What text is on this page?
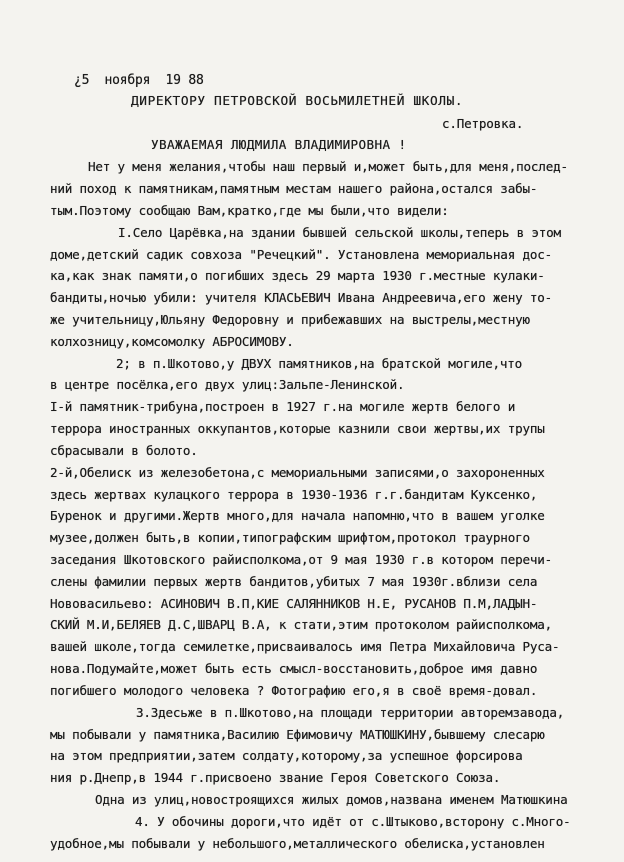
¿5  ноября  19 88
ДИРЕКТОРУ ПЕТРОВСКОЙ ВОСЬМИЛЕТНЕЙ ШКОЛЫ.
с.Петровка.
УВАЖАЕМАЯ ЛЮДМИЛА ВЛАДИМИРОВНА !
Нет у меня желания,чтобы наш первый и,может быть,для меня,послед-
ний поход к памятникам,памятным местам нашего района,остался забы-
тым.Поэтому сообщаю Вам,кратко,где мы были,что видели:
I.Село Царёвка,на здании бывшей сельской школы,теперь в этом
доме,детский садик совхоза "Речецкий". Установлена мемориальная дос-
ка,как знак памяти,о погибших здесь 29 марта 1930 г.местные кулаки-
бандиты,ночью убили: учителя КЛАСЬЕВИЧ Ивана Андреевича,его жену то-
же учительницу,Юльяну Федоровну и прибежавших на выстрелы,местную
колхозницу,комсомолку АБРОСИМОВУ.
2; в п.Шкотово,у ДВУХ памятников,на братской могиле,что
в центре посёлка,его двух улиц:Зальпе-Ленинской.
I-й памятник-трибуна,построен в 1927 г.на могиле жертв белого и
террора иностранных оккупантов,которые казнили свои жертвы,их трупы
сбрасывали в болото.
2-й,Обелиск из железобетона,с мемориальными записями,о захороненных
здесь жертвах кулацкого террора в 1930-1936 г.г.бандитам Куксенко,
Буренок и другими.Жертв много,для начала напомню,что в вашем уголке
музее,должен быть,в копии,типографским шрифтом,протокол траурного
заседания Шкотовского райисполкома,от 9 мая 1930 г.в котором перечи-
слены фамилии первых жертв бандитов,убитых 7 мая 1930г.вблизи села
Нововасильево: АСИНОВИЧ В.П,КИЕ САЛЯННИКОВ Н.Е, РУСАНОВ П.М,ЛАДЫН-
СКИЙ М.И,БЕЛЯЕВ Д.С,ШВАРЦ В.А, к стати,этим протоколом райисполкома,
вашей школе,тогда семилетке,присваивалось имя Петра Михайловича Руса-
нова.Подумайте,может быть есть смысл-восстановить,доброе имя давно
погибшего молодого человека ? Фотографию его,я в своё время-довал.
3.Здесьже в п.Шкотово,на площади территории авторемзавода,
мы побывали у памятника,Василию Ефимовичу МАТЮШКИНУ,бывшему слесарю
на этом предприятии,затем солдату,которому,за успешное форсирова
ния р.Днепр,в 1944 г.присвоено звание Героя Советского Союза.
Одна из улиц,новостроящихся жилых домов,названа именем Матюшкина
4. У обочины дороги,что идёт от с.Штыково,всторону с.Много-
удобное,мы побывали у небольшого,металлического обелиска,установлен
